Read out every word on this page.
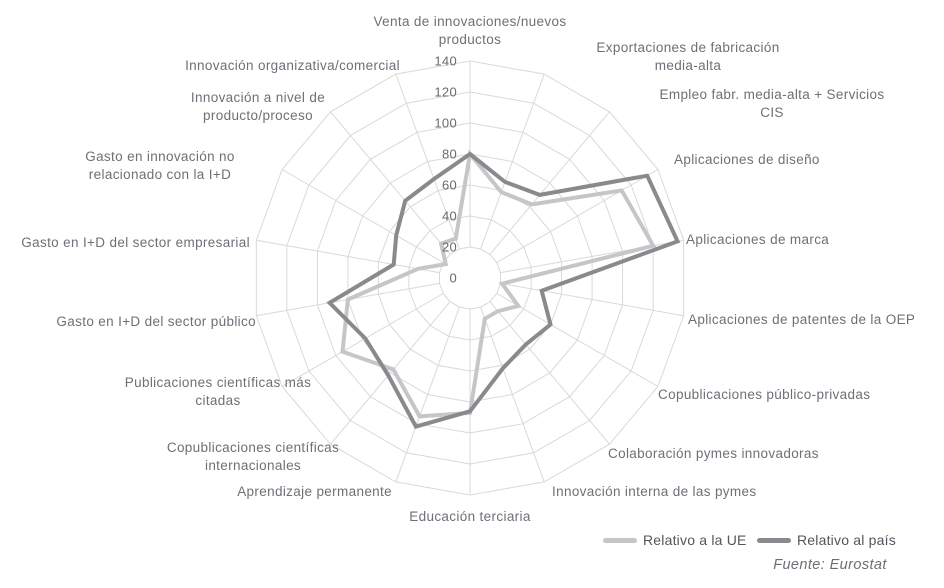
0
20
40
60
80
100
120
140
Venta de innovaciones/nuevos productos
Exportaciones de fabricación media-alta
Empleo fabr. media-alta + Servicios CIS
Aplicaciones de diseño
Aplicaciones de marca
Aplicaciones de patentes de la OEP
Copublicaciones público-privadas
Colaboración pymes innovadoras
Innovación interna de las pymes
Educación terciaria
Aprendizaje permanente
Copublicaciones científicas internacionales
Publicaciones científicas más citadas
Gasto en I+D del sector público
Gasto en I+D del sector empresarial
Gasto en innovación no relacionado con la I+D
Innovación a nivel de producto/proceso
Innovación organizativa/comercial
Relativo a la UE	Relativo al país
Fuente: Eurostat
